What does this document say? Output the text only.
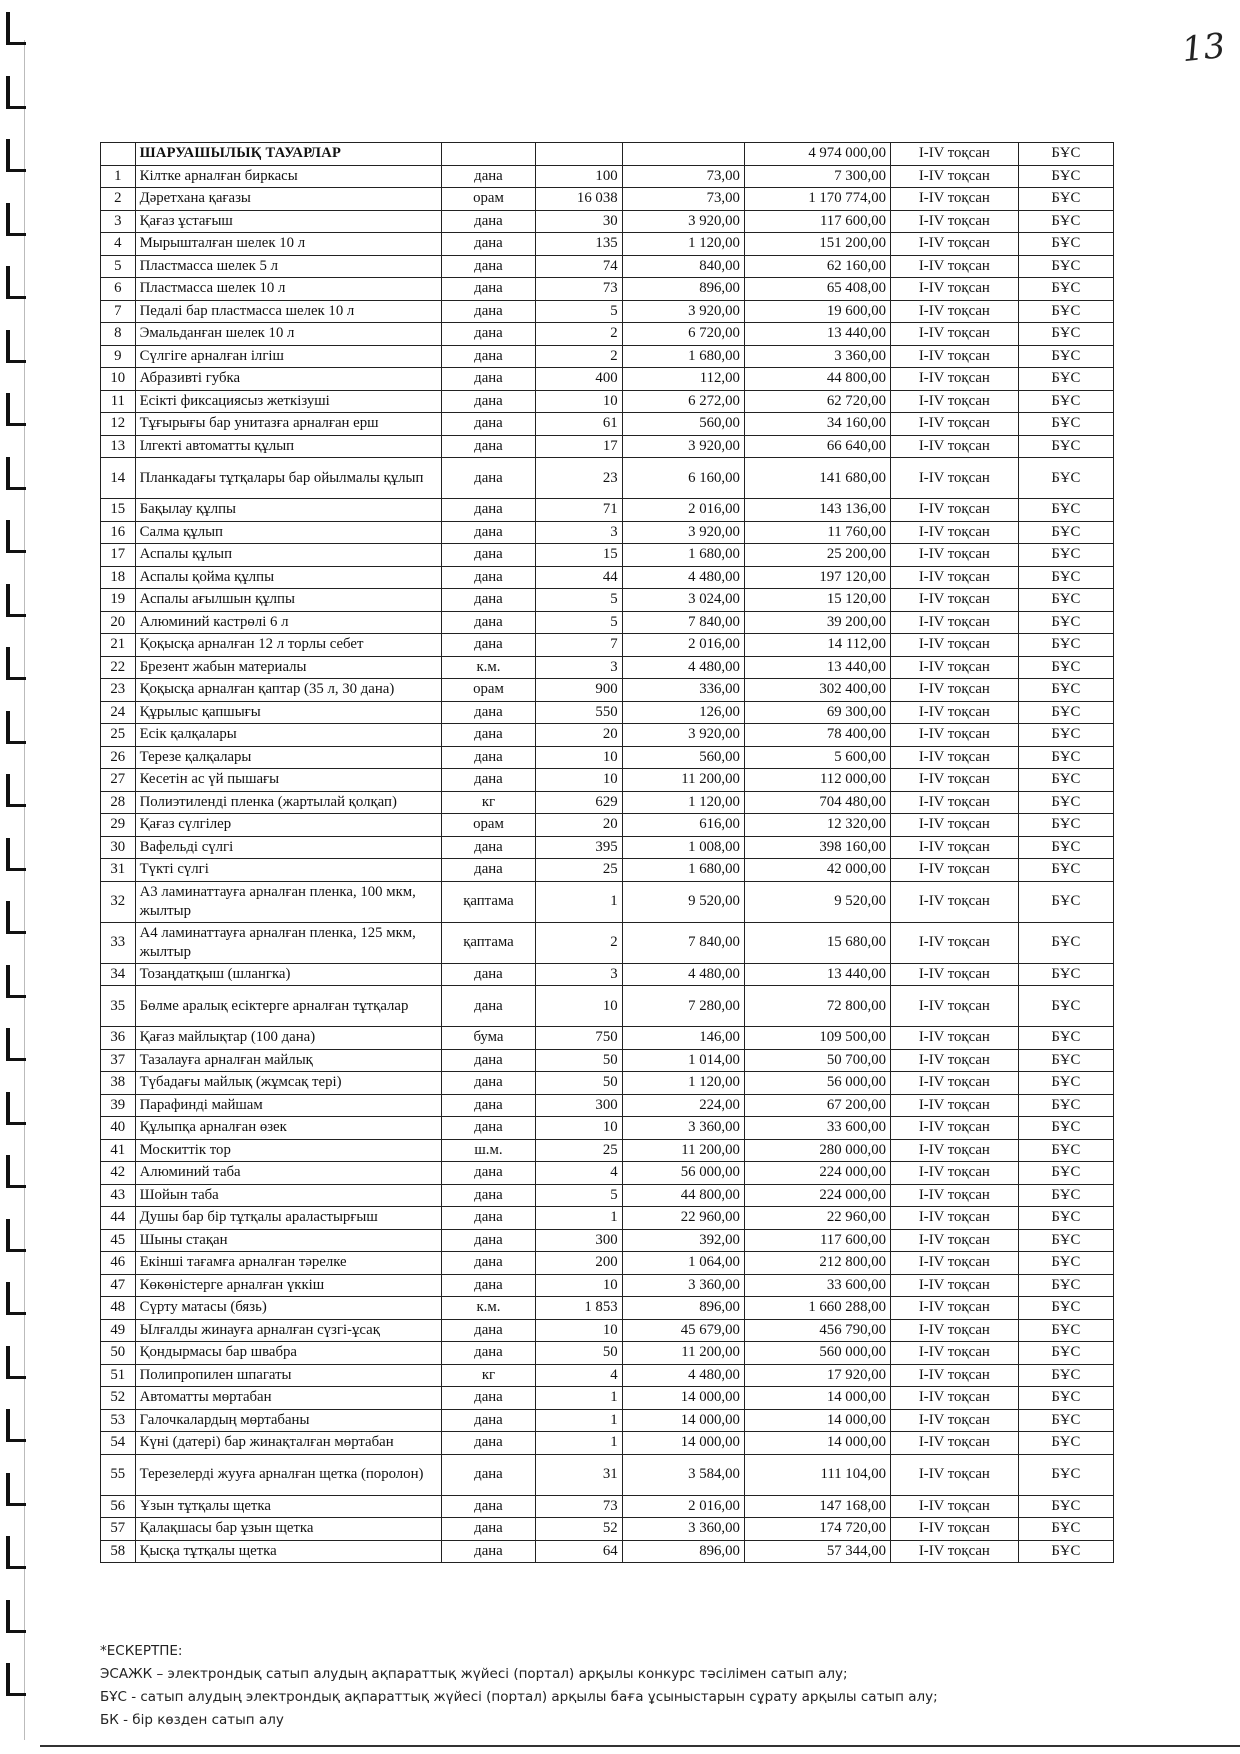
13
	ШАРУАШЫЛЫҚ ТАУАРЛАР				4 974 000,00	I-IV тоқсан	БҰС
1	Кілтке арналған биркасы	дана	100	73,00	7 300,00	I-IV тоқсан	БҰС
2	Дәретхана қағазы	орам	16 038	73,00	1 170 774,00	I-IV тоқсан	БҰС
3	Қағаз ұстағыш	дана	30	3 920,00	117 600,00	I-IV тоқсан	БҰС
4	Мырышталған шелек 10 л	дана	135	1 120,00	151 200,00	I-IV тоқсан	БҰС
5	Пластмасса шелек 5 л	дана	74	840,00	62 160,00	I-IV тоқсан	БҰС
6	Пластмасса шелек 10 л	дана	73	896,00	65 408,00	I-IV тоқсан	БҰС
7	Педалі бар пластмасса шелек 10 л	дана	5	3 920,00	19 600,00	I-IV тоқсан	БҰС
8	Эмальданған шелек 10 л	дана	2	6 720,00	13 440,00	I-IV тоқсан	БҰС
9	Сүлгіге арналған ілгіш	дана	2	1 680,00	3 360,00	I-IV тоқсан	БҰС
10	Абразивті губка	дана	400	112,00	44 800,00	I-IV тоқсан	БҰС
11	Есікті фиксациясыз жеткізуші	дана	10	6 272,00	62 720,00	I-IV тоқсан	БҰС
12	Тұғырығы бар унитазға арналған ерш	дана	61	560,00	34 160,00	I-IV тоқсан	БҰС
13	Ілгекті автоматты құлып	дана	17	3 920,00	66 640,00	I-IV тоқсан	БҰС
14	Планкадағы тұтқалары бар ойылмалы құлып	дана	23	6 160,00	141 680,00	I-IV тоқсан	БҰС
15	Бақылау құлпы	дана	71	2 016,00	143 136,00	I-IV тоқсан	БҰС
16	Салма құлып	дана	3	3 920,00	11 760,00	I-IV тоқсан	БҰС
17	Аспалы құлып	дана	15	1 680,00	25 200,00	I-IV тоқсан	БҰС
18	Аспалы қойма құлпы	дана	44	4 480,00	197 120,00	I-IV тоқсан	БҰС
19	Аспалы ағылшын құлпы	дана	5	3 024,00	15 120,00	I-IV тоқсан	БҰС
20	Алюминий кастрөлі 6 л	дана	5	7 840,00	39 200,00	I-IV тоқсан	БҰС
21	Қоқысқа арналған 12 л торлы себет	дана	7	2 016,00	14 112,00	I-IV тоқсан	БҰС
22	Брезент жабын материалы	к.м.	3	4 480,00	13 440,00	I-IV тоқсан	БҰС
23	Қоқысқа арналған қаптар (35 л, 30 дана)	орам	900	336,00	302 400,00	I-IV тоқсан	БҰС
24	Құрылыс қапшығы	дана	550	126,00	69 300,00	I-IV тоқсан	БҰС
25	Есік қалқалары	дана	20	3 920,00	78 400,00	I-IV тоқсан	БҰС
26	Терезе қалқалары	дана	10	560,00	5 600,00	I-IV тоқсан	БҰС
27	Кесетін ас үй пышағы	дана	10	11 200,00	112 000,00	I-IV тоқсан	БҰС
28	Полиэтиленді пленка (жартылай қолқап)	кг	629	1 120,00	704 480,00	I-IV тоқсан	БҰС
29	Қағаз сүлгілер	орам	20	616,00	12 320,00	I-IV тоқсан	БҰС
30	Вафельді сүлгі	дана	395	1 008,00	398 160,00	I-IV тоқсан	БҰС
31	Түкті сүлгі	дана	25	1 680,00	42 000,00	I-IV тоқсан	БҰС
32	А3 ламинаттауға арналған пленка, 100 мкм, жылтыр	қаптама	1	9 520,00	9 520,00	I-IV тоқсан	БҰС
33	А4 ламинаттауға арналған пленка, 125 мкм, жылтыр	қаптама	2	7 840,00	15 680,00	I-IV тоқсан	БҰС
34	Тозаңдатқыш (шлангка)	дана	3	4 480,00	13 440,00	I-IV тоқсан	БҰС
35	Бөлме аралық есіктерге арналған тұтқалар	дана	10	7 280,00	72 800,00	I-IV тоқсан	БҰС
36	Қағаз майлықтар (100 дана)	бума	750	146,00	109 500,00	I-IV тоқсан	БҰС
37	Тазалауға арналған майлық	дана	50	1 014,00	50 700,00	I-IV тоқсан	БҰС
38	Түбадағы майлық (жұмсақ тері)	дана	50	1 120,00	56 000,00	I-IV тоқсан	БҰС
39	Парафинді майшам	дана	300	224,00	67 200,00	I-IV тоқсан	БҰС
40	Құлыпқа арналған өзек	дана	10	3 360,00	33 600,00	I-IV тоқсан	БҰС
41	Москиттік тор	ш.м.	25	11 200,00	280 000,00	I-IV тоқсан	БҰС
42	Алюминий таба	дана	4	56 000,00	224 000,00	I-IV тоқсан	БҰС
43	Шойын таба	дана	5	44 800,00	224 000,00	I-IV тоқсан	БҰС
44	Душы бар бір тұтқалы араластырғыш	дана	1	22 960,00	22 960,00	I-IV тоқсан	БҰС
45	Шыны стақан	дана	300	392,00	117 600,00	I-IV тоқсан	БҰС
46	Екінші тағамға арналған тәрелке	дана	200	1 064,00	212 800,00	I-IV тоқсан	БҰС
47	Көкөністерге арналған үккіш	дана	10	3 360,00	33 600,00	I-IV тоқсан	БҰС
48	Сүрту матасы (бязь)	к.м.	1 853	896,00	1 660 288,00	I-IV тоқсан	БҰС
49	Ылғалды жинауға арналған сүзгі-ұсақ	дана	10	45 679,00	456 790,00	I-IV тоқсан	БҰС
50	Қондырмасы бар швабра	дана	50	11 200,00	560 000,00	I-IV тоқсан	БҰС
51	Полипропилен шпагаты	кг	4	4 480,00	17 920,00	I-IV тоқсан	БҰС
52	Автоматты мөртабан	дана	1	14 000,00	14 000,00	I-IV тоқсан	БҰС
53	Галочкалардың мөртабаны	дана	1	14 000,00	14 000,00	I-IV тоқсан	БҰС
54	Күні (датері) бар жинақталған мөртабан	дана	1	14 000,00	14 000,00	I-IV тоқсан	БҰС
55	Терезелерді жууға арналған щетка (поролон)	дана	31	3 584,00	111 104,00	I-IV тоқсан	БҰС
56	Ұзын тұтқалы щетка	дана	73	2 016,00	147 168,00	I-IV тоқсан	БҰС
57	Қалақшасы бар ұзын щетка	дана	52	3 360,00	174 720,00	I-IV тоқсан	БҰС
58	Қысқа тұтқалы щетка	дана	64	896,00	57 344,00	I-IV тоқсан	БҰС
*ЕСКЕРТПЕ:
ЭСАЖК – электрондық сатып алудың ақпараттық жүйесі (портал) арқылы конкурс тәсілімен сатып алу;
БҰС - сатып алудың электрондық ақпараттық жүйесі (портал) арқылы баға ұсыныстарын сұрату арқылы сатып алу;
БК - бір көзден сатып алу
